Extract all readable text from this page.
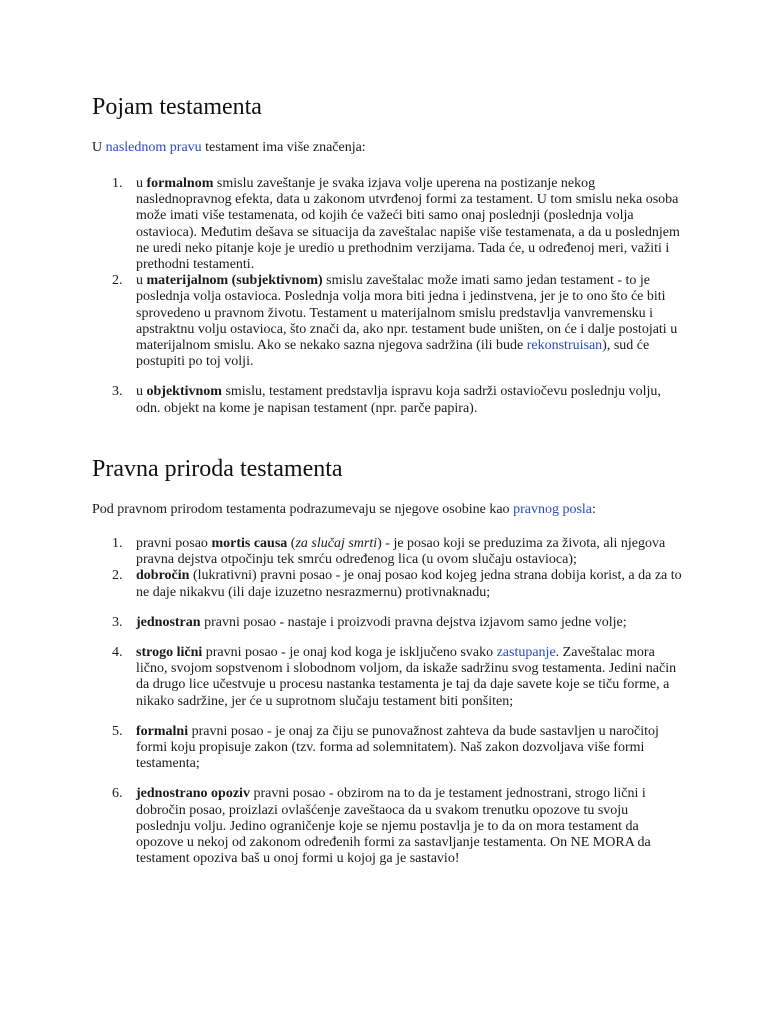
Pojam testamenta

U naslednom pravu testament ima više značenja:

1. u formalnom smislu zaveštanje je svaka izjava volje uperena na postizanje nekog naslednopravnog efekta, data u zakonom utvrđenoj formi za testament. U tom smislu neka osoba može imati više testamenata, od kojih će važeći biti samo onaj poslednji (poslednja volja ostavioca). Međutim dešava se situacija da zaveštalac napiše više testamenata, a da u poslednjem ne uredi neko pitanje koje je uredio u prethodnim verzijama. Tada će, u određenoj meri, važiti i prethodni testamenti.
2. u materijalnom (subjektivnom) smislu zaveštalac može imati samo jedan testament - to je poslednja volja ostavioca. Poslednja volja mora biti jedna i jedinstvena, jer je to ono što će biti sprovedeno u pravnom životu. Testament u materijalnom smislu predstavlja vanvremensku i apstraktnu volju ostavioca, što znači da, ako npr. testament bude uništen, on će i dalje postojati u materijalnom smislu. Ako se nekako sazna njegova sadržina (ili bude rekonstruisan), sud će postupiti po toj volji.
3. u objektivnom smislu, testament predstavlja ispravu koja sadrži ostaviočevu poslednju volju, odn. objekt na kome je napisan testament (npr. parče papira).
Pravna priroda testamenta

Pod pravnom prirodom testamenta podrazumevaju se njegove osobine kao pravnog posla:

1. pravni posao mortis causa (za slučaj smrti) - je posao koji se preduzima za života, ali njegova pravna dejstva otpočinju tek smrću određenog lica (u ovom slučaju ostavioca);
2. dobročin (lukrativni) pravni posao - je onaj posao kod kojeg jedna strana dobija korist, a da za to ne daje nikakvu (ili daje izuzetno nesrazmernu) protivnaknadu;
3. jednostran pravni posao - nastaje i proizvodi pravna dejstva izjavom samo jedne volje;
4. strogo lični pravni posao - je onaj kod koga je isključeno svako zastupanje. Zaveštalac mora lično, svojom sopstvenom i slobodnom voljom, da iskaže sadržinu svog testamenta. Jedini način da drugo lice učestvuje u procesu nastanka testamenta je taj da daje savete koje se tiču forme, a nikako sadržine, jer će u suprotnom slučaju testament biti ponšiten;
5. formalni pravni posao - je onaj za čiju se punovažnost zahteva da bude sastavljen u naročitoj formi koju propisuje zakon (tzv. forma ad solemnitatem). Naš zakon dozvoljava više formi testamenta;
6. jednostrano opoziv pravni posao - obzirom na to da je testament jednostrani, strogo lični i dobročin posao, proizlazi ovlašćenje zaveštaoca da u svakom trenutku opozove tu svoju poslednju volju. Jedino ograničenje koje se njemu postavlja je to da on mora testament da opozove u nekoj od zakonom određenih formi za sastavljanje testamenta. On NE MORA da testament opoziva baš u onoj formi u kojoj ga je sastavio!
